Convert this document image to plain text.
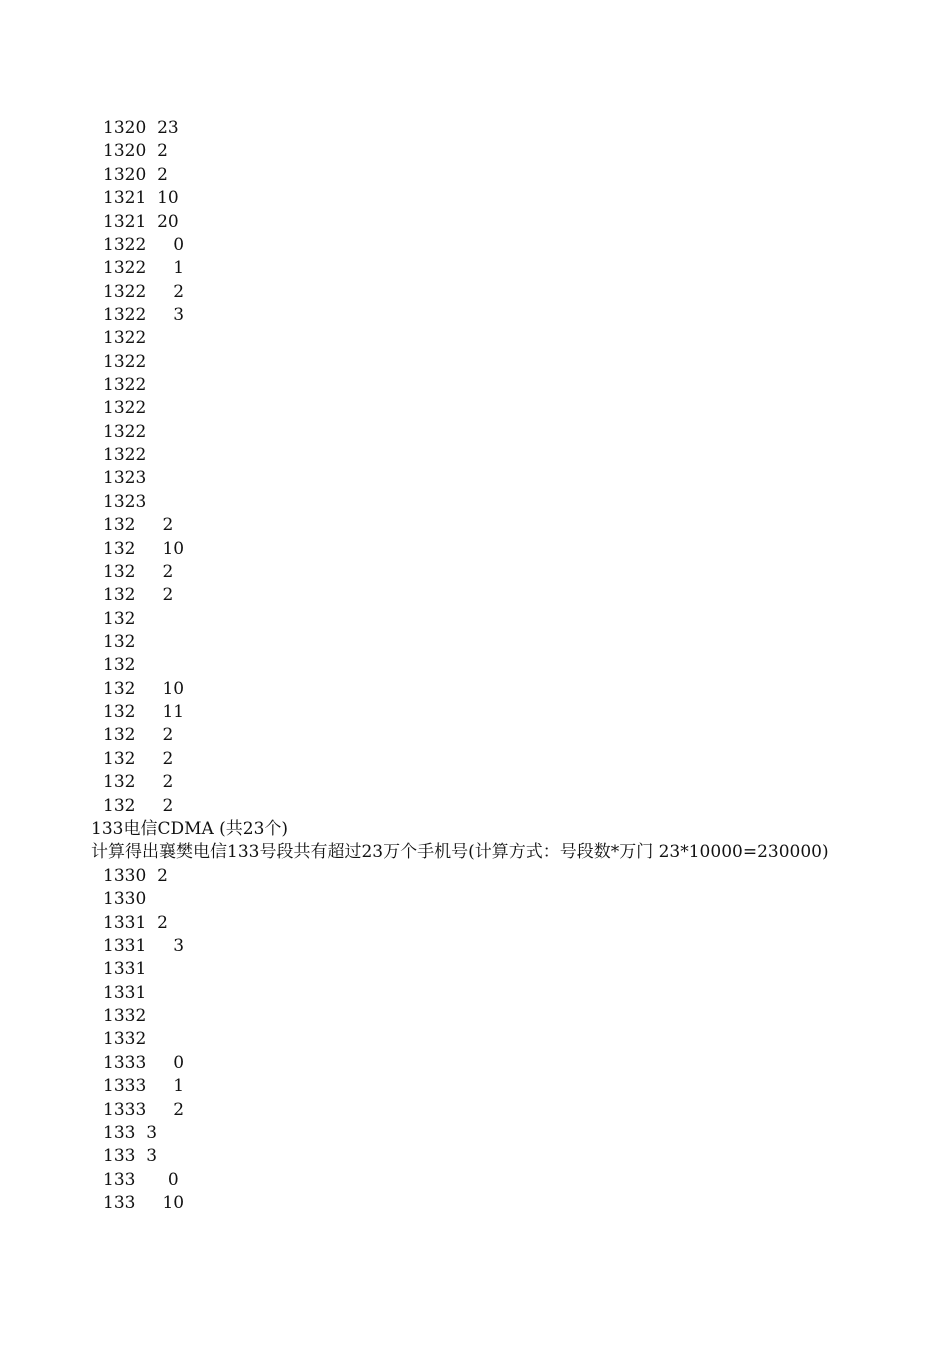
1320  23
1320  2
1320  2
1321  10
1321  20
1322     0
1322     1
1322     2
1322     3
1322
1322
1322
1322
1322
1322
1323
1323
132     2
132     10
132     2
132     2
132
132
132
132     10
132     11
132     2
132     2
132     2
132     2
133电信CDMA (共23个)
计算得出襄樊电信133号段共有超过23万个手机号(计算方式：号段数*万门 23*10000=230000)
1330  2
1330
1331  2
1331     3
1331
1331
1332
1332
1333     0
1333     1
1333     2
133  3
133  3
133      0
133     10
